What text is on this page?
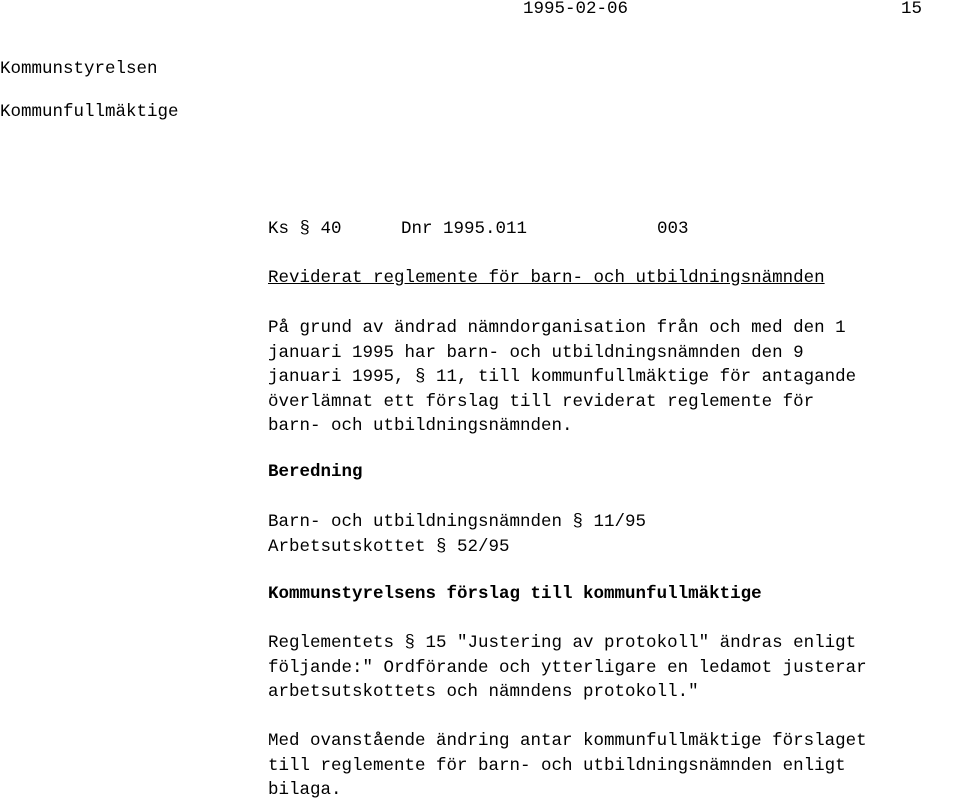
1995-02-06	15
Kommunstyrelsen
Kommunfullmäktige
Ks § 40	Dnr 1995.011	003
Reviderat reglemente för barn- och utbildningsnämnden
På grund av ändrad nämndorganisation från och med den 1
januari 1995 har barn- och utbildningsnämnden den 9
januari 1995, § 11, till kommunfullmäktige för antagande
överlämnat ett förslag till reviderat reglemente för
barn- och utbildningsnämnden.
Beredning
Barn- och utbildningsnämnden § 11/95
Arbetsutskottet § 52/95
Kommunstyrelsens förslag till kommunfullmäktige
Reglementets § 15 "Justering av protokoll" ändras enligt
följande:" Ordförande och ytterligare en ledamot justerar
arbetsutskottets och nämndens protokoll."
Med ovanstående ändring antar kommunfullmäktige förslaget
till reglemente för barn- och utbildningsnämnden enligt
bilaga.
